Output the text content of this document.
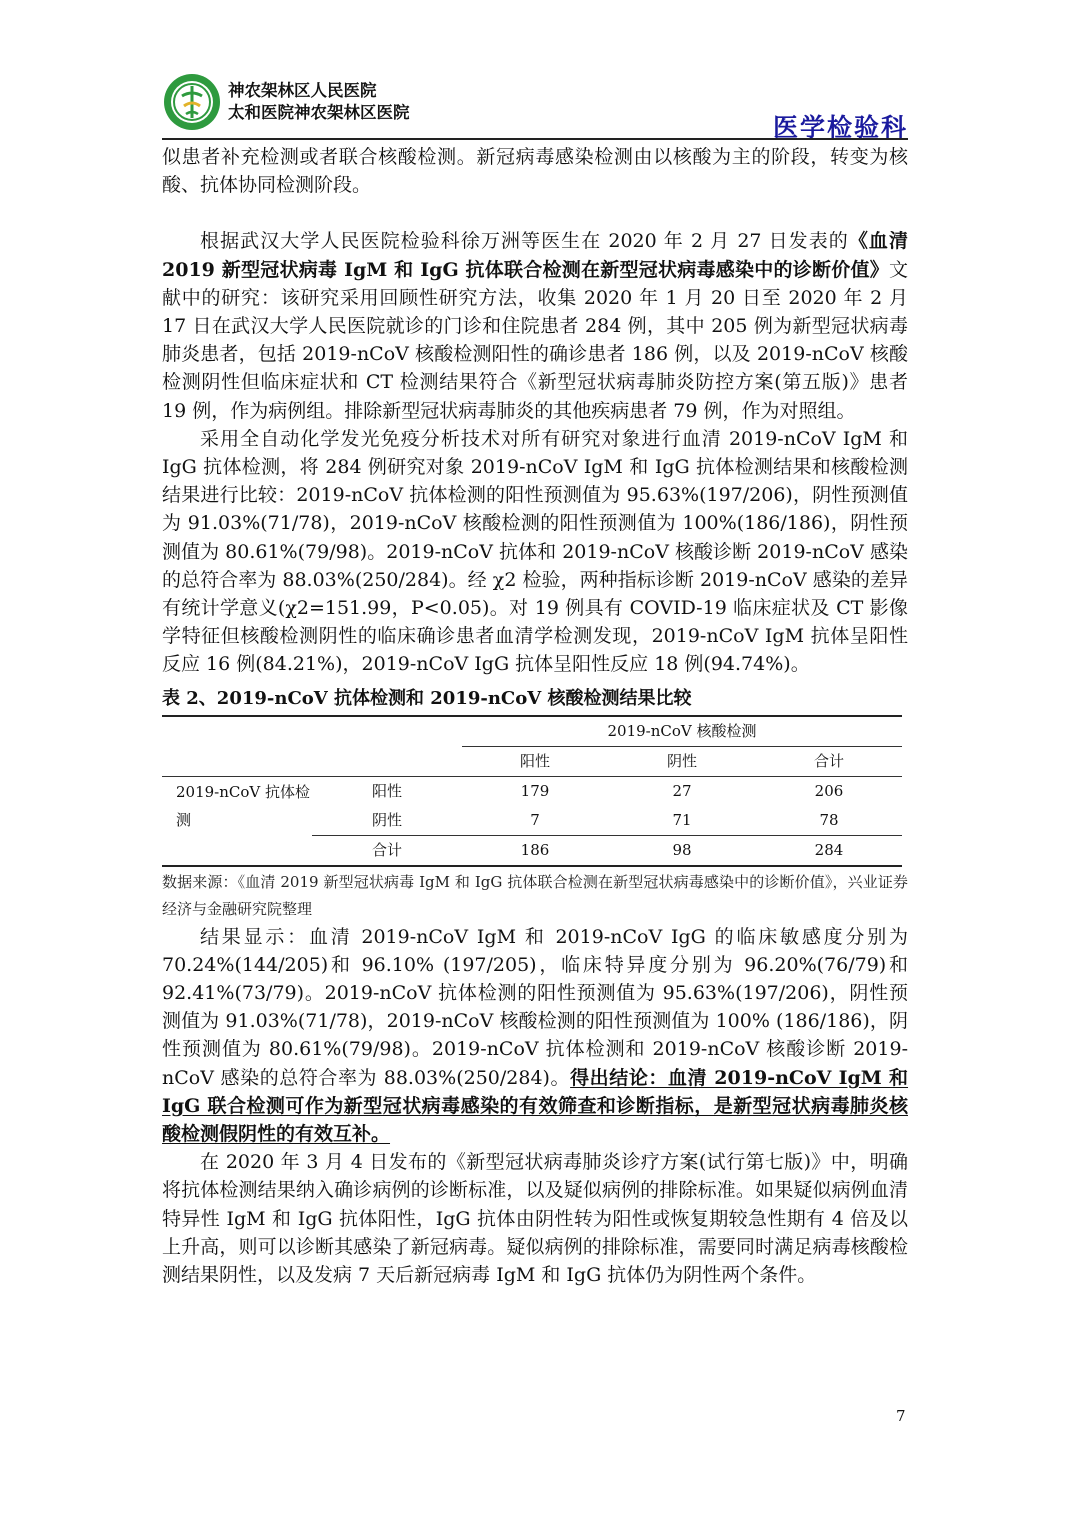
神农架林区人民医院
太和医院神农架林区医院
医学检验科

似患者补充检测或者联合核酸检测。新冠病毒感染检测由以核酸为主的阶段，转变为核酸、抗体协同检测阶段。

根据武汉大学人民医院检验科徐万洲等医生在 2020 年 2 月 27 日发表的《血清 2019 新型冠状病毒 IgM 和 IgG 抗体联合检测在新型冠状病毒感染中的诊断价值》文献中的研究：该研究采用回顾性研究方法，收集 2020 年 1 月 20 日至 2020 年 2 月 17 日在武汉大学人民医院就诊的门诊和住院患者 284 例，其中 205 例为新型冠状病毒肺炎患者，包括 2019-nCoV 核酸检测阳性的确诊患者 186 例，以及 2019-nCoV 核酸检测阴性但临床症状和 CT 检测结果符合《新型冠状病毒肺炎防控方案(第五版)》患者 19 例，作为病例组。排除新型冠状病毒肺炎的其他疾病患者 79 例，作为对照组。

采用全自动化学发光免疫分析技术对所有研究对象进行血清 2019-nCoV IgM 和 IgG 抗体检测，将 284 例研究对象 2019-nCoV IgM 和 IgG 抗体检测结果和核酸检测结果进行比较：2019-nCoV 抗体检测的阳性预测值为 95.63%(197/206)，阴性预测值为 91.03%(71/78)，2019-nCoV 核酸检测的阳性预测值为 100%(186/186)，阴性预测值为 80.61%(79/98)。2019-nCoV 抗体和 2019-nCoV 核酸诊断 2019-nCoV 感染的总符合率为 88.03%(250/284)。经 χ2 检验，两种指标诊断 2019-nCoV 感染的差异有统计学意义(χ2=151.99，P<0.05)。对 19 例具有 COVID-19 临床症状及 CT 影像学特征但核酸检测阴性的临床确诊患者血清学检测发现，2019-nCoV IgM 抗体呈阳性反应 16 例(84.21%)，2019-nCoV IgG 抗体呈阳性反应 18 例(94.74%)。

表 2、2019-nCoV 抗体检测和 2019-nCoV 核酸检测结果比较
		2019-nCoV 核酸检测		
		阳性	阴性	合计
2019-nCoV 抗体检测	阳性	179	27	206
	阴性	7	71	78
	合计	186	98	284
数据来源：《血清 2019 新型冠状病毒 IgM 和 IgG 抗体联合检测在新型冠状病毒感染中的诊断价值》，兴业证券经济与金融研究院整理

结果显示：血清 2019-nCoV IgM 和 2019-nCoV IgG 的临床敏感度分别为 70.24%(144/205)和 96.10% (197/205)，临床特异度分别为 96.20%(76/79)和 92.41%(73/79)。2019-nCoV 抗体检测的阳性预测值为 95.63%(197/206)，阴性预测值为 91.03%(71/78)，2019-nCoV 核酸检测的阳性预测值为 100% (186/186)，阴性预测值为 80.61%(79/98)。2019-nCoV 抗体检测和 2019-nCoV 核酸诊断 2019-nCoV 感染的总符合率为 88.03%(250/284)。得出结论：血清 2019-nCoV IgM 和 IgG 联合检测可作为新型冠状病毒感染的有效筛查和诊断指标，是新型冠状病毒肺炎核酸检测假阴性的有效互补。

在 2020 年 3 月 4 日发布的《新型冠状病毒肺炎诊疗方案(试行第七版)》中，明确将抗体检测结果纳入确诊病例的诊断标准，以及疑似病例的排除标准。如果疑似病例血清特异性 IgM 和 IgG 抗体阳性，IgG 抗体由阴性转为阳性或恢复期较急性期有 4 倍及以上升高，则可以诊断其感染了新冠病毒。疑似病例的排除标准，需要同时满足病毒核酸检测结果阴性，以及发病 7 天后新冠病毒 IgM 和 IgG 抗体仍为阴性两个条件。

7
